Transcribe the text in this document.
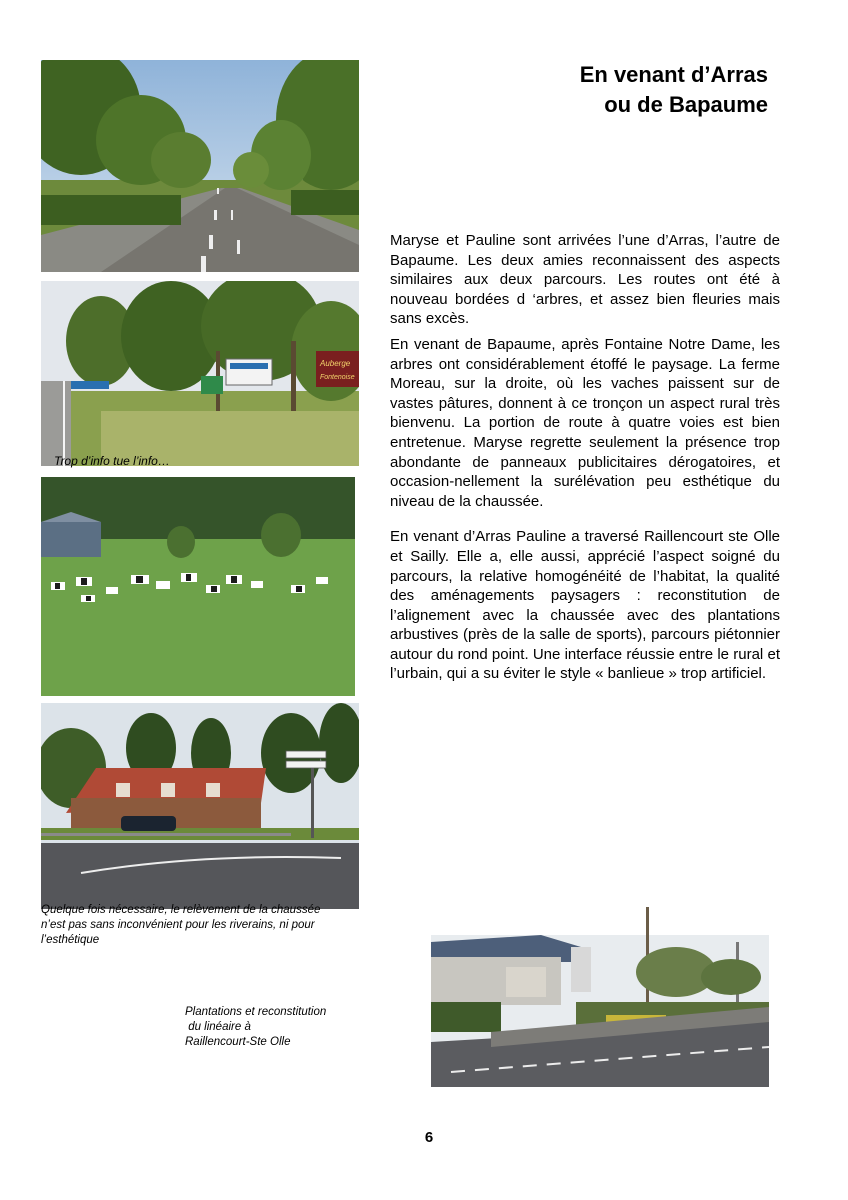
Auberge
Fontenoise
Trop d’info tue l’info…
Quelque fois nécessaire, le relèvement de la chaussée n’est pas sans inconvénient pour les riverains, ni pour l’esthétique
En venant d’Arras
ou de Bapaume

Maryse et Pauline sont arrivées l’une d’Arras, l’autre de Bapaume. Les deux amies reconnaissent des aspects similaires aux deux parcours. Les routes ont été à nouveau bordées d ‘arbres, et assez bien fleuries mais sans excès.

En venant de Bapaume, après Fontaine Notre Dame, les arbres ont considérablement étoffé le paysage. La ferme Moreau, sur la droite, où les vaches paissent sur de vastes pâtures, donnent à ce tronçon un aspect rural très bienvenu. La portion de route à quatre voies est bien entretenue. Maryse regrette seulement la présence trop abondante de panneaux publicitaires dérogatoires, et occasion-nellement la surélévation peu esthétique du niveau de la chaussée.

En venant d’Arras Pauline a traversé Raillencourt ste Olle et Sailly. Elle a, elle aussi, apprécié l’aspect soigné du parcours, la relative homogénéité de l’habitat, la qualité des aménagements paysagers : reconstitution de l’alignement avec la chaussée avec des plantations arbustives (près de la salle de sports), parcours piétonnier autour du rond point. Une interface réussie entre le rural et l’urbain, qui a su éviter le style « banlieue » trop artificiel.

Plantations et reconstitution
du linéaire à
Raillencourt-Ste Olle
6
